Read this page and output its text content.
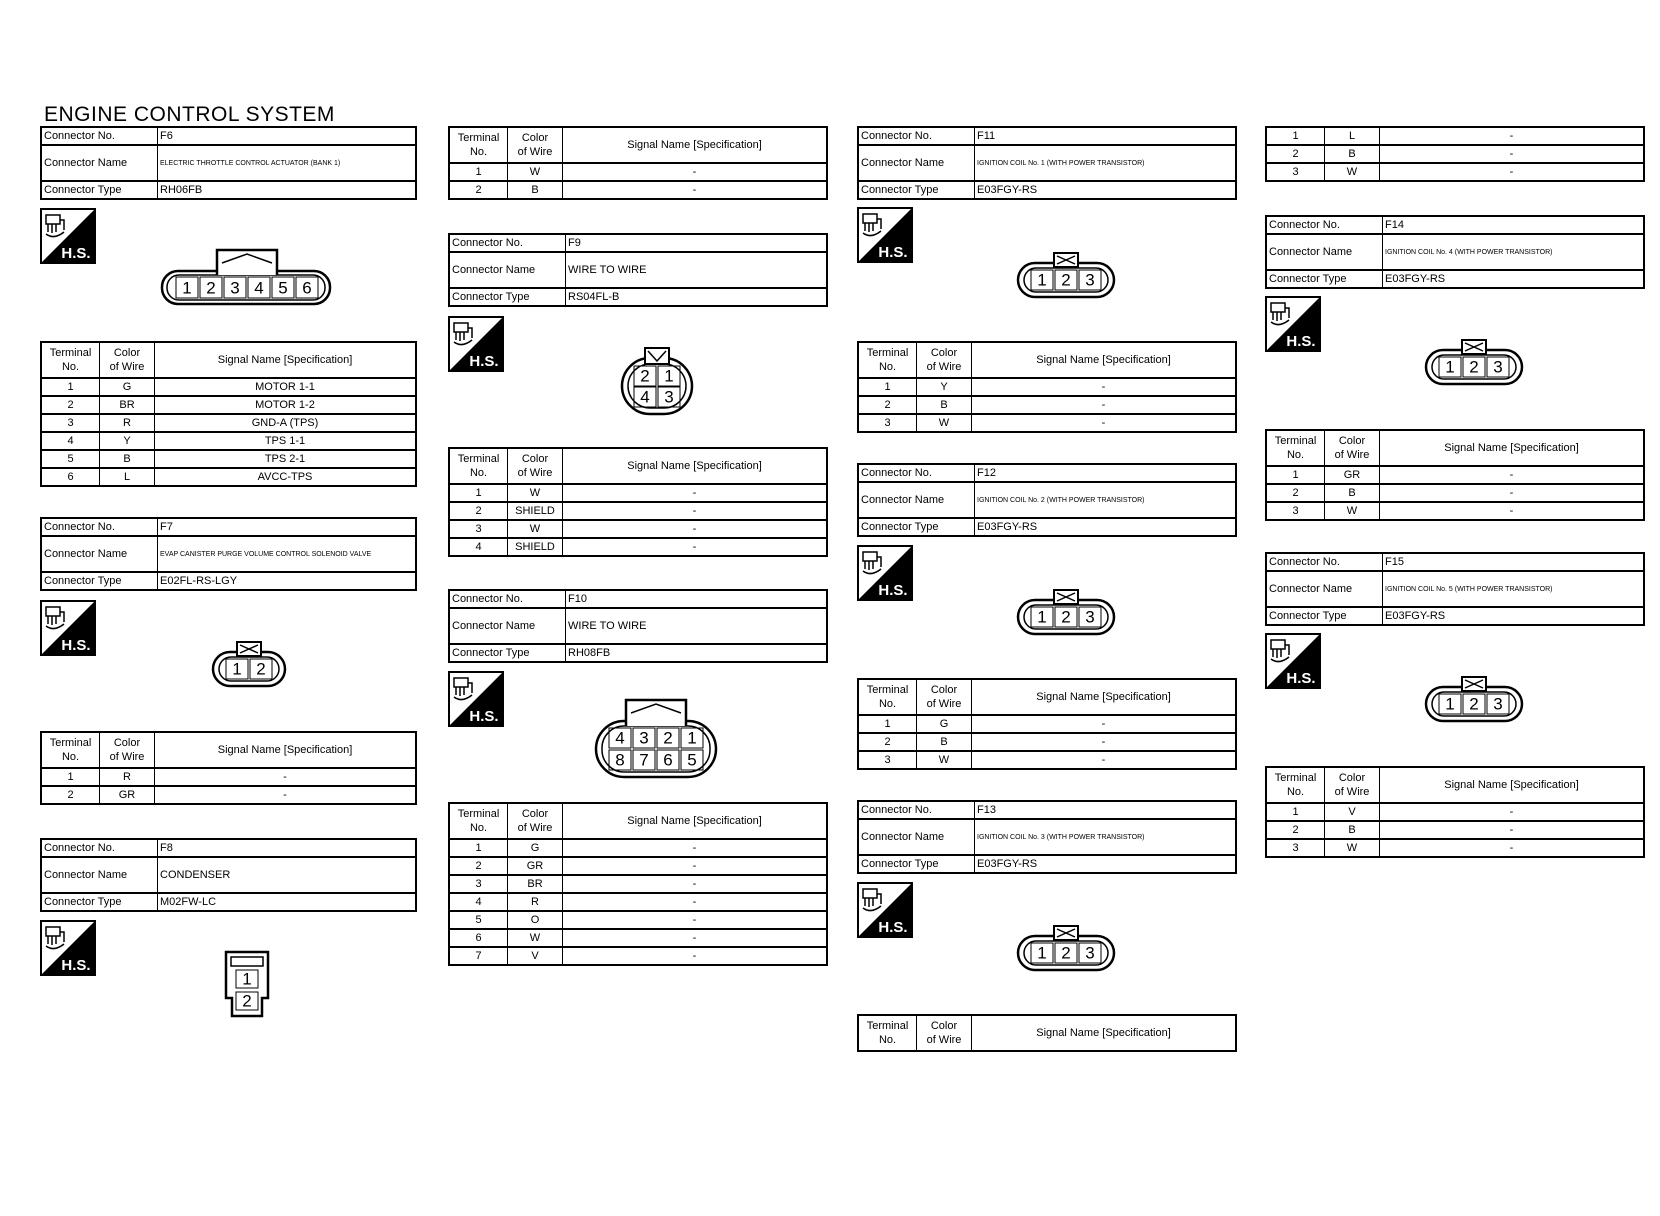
ENGINE CONTROL SYSTEM
Connector No.	F6
Connector Name	ELECTRIC THROTTLE CONTROL ACTUATOR (BANK 1)
Connector Type	RH06FB
H.S.
1 2 3 4 5 6
Terminal
No.	Color
of Wire	Signal Name [Specification]
1	G	MOTOR 1-1
2	BR	MOTOR 1-2
3	R	GND-A (TPS)
4	Y	TPS 1-1
5	B	TPS 2-1
6	L	AVCC-TPS
Connector No.	F7
Connector Name	EVAP CANISTER PURGE VOLUME CONTROL SOLENOID VALVE
Connector Type	E02FL-RS-LGY
H.S.
1 2
Terminal
No.	Color
of Wire	Signal Name [Specification]
1	R	-
2	GR	-
Connector No.	F8
Connector Name	CONDENSER
Connector Type	M02FW-LC
H.S.
1
2
Terminal
No.	Color
of Wire	Signal Name [Specification]
1	W	-
2	B	-
Connector No.	F9
Connector Name	WIRE TO WIRE
Connector Type	RS04FL-B
H.S.
2 1
4 3
Terminal
No.	Color
of Wire	Signal Name [Specification]
1	W	-
2	SHIELD	-
3	W	-
4	SHIELD	-
Connector No.	F10
Connector Name	WIRE TO WIRE
Connector Type	RH08FB
H.S.
4 3 2 1
8 7 6 5
Terminal
No.	Color
of Wire	Signal Name [Specification]
1	G	-
2	GR	-
3	BR	-
4	R	-
5	O	-
6	W	-
7	V	-
Connector No.	F11
Connector Name	IGNITION COIL No. 1 (WITH POWER TRANSISTOR)
Connector Type	E03FGY-RS
H.S.
1 2 3
Terminal
No.	Color
of Wire	Signal Name [Specification]
1	Y	-
2	B	-
3	W	-
Connector No.	F12
Connector Name	IGNITION COIL No. 2 (WITH POWER TRANSISTOR)
Connector Type	E03FGY-RS
H.S.
1 2 3
Terminal
No.	Color
of Wire	Signal Name [Specification]
1	G	-
2	B	-
3	W	-
Connector No.	F13
Connector Name	IGNITION COIL No. 3 (WITH POWER TRANSISTOR)
Connector Type	E03FGY-RS
H.S.
1 2 3
Terminal
No.	Color
of Wire	Signal Name [Specification]
1	L	-
2	B	-
3	W	-
Connector No.	F14
Connector Name	IGNITION COIL No. 4 (WITH POWER TRANSISTOR)
Connector Type	E03FGY-RS
H.S.
1 2 3
Terminal
No.	Color
of Wire	Signal Name [Specification]
1	GR	-
2	B	-
3	W	-
Connector No.	F15
Connector Name	IGNITION COIL No. 5 (WITH POWER TRANSISTOR)
Connector Type	E03FGY-RS
H.S.
1 2 3
Terminal
No.	Color
of Wire	Signal Name [Specification]
1	V	-
2	B	-
3	W	-
